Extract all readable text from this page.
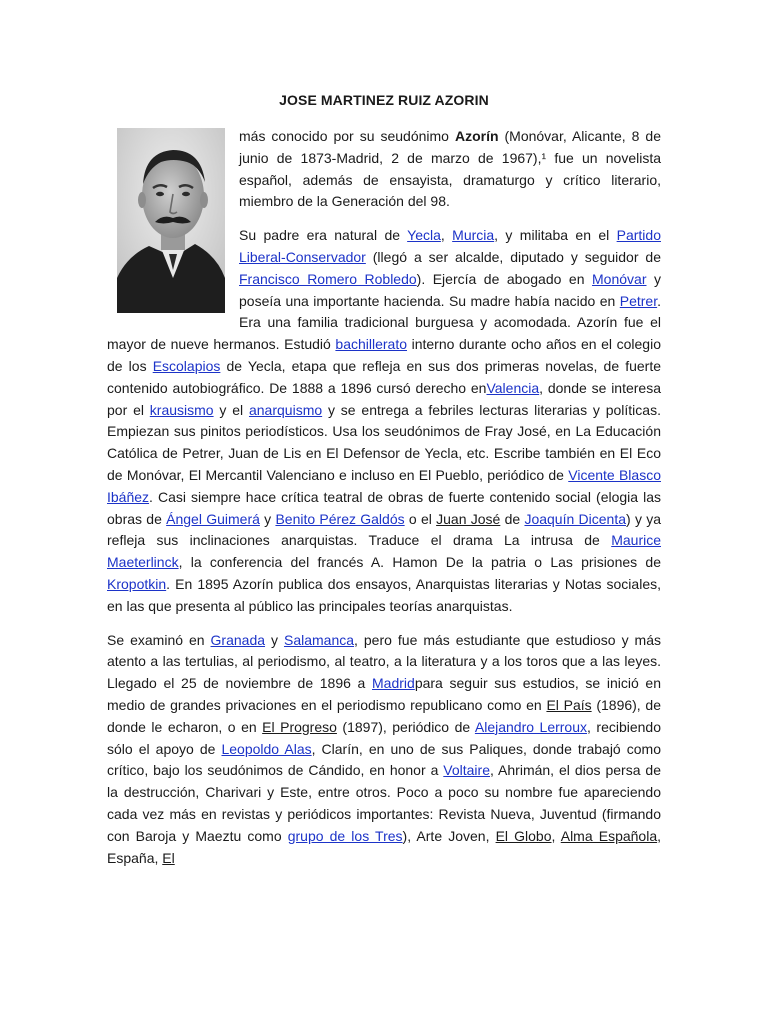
JOSE MARTINEZ RUIZ AZORIN

más conocido por su seudónimo Azorín (Monóvar, Alicante, 8 de junio de 1873-Madrid, 2 de marzo de 1967),¹ fue un novelista español, además de ensayista, dramaturgo y crítico literario, miembro de la Generación del 98.

Su padre era natural de Yecla, Murcia, y militaba en el Partido Liberal-Conservador (llegó a ser alcalde, diputado y seguidor de Francisco Romero Robledo). Ejercía de abogado en Monóvar y poseía una importante hacienda. Su madre había nacido en Petrer. Era una familia tradicional burguesa y acomodada. Azorín fue el mayor de nueve hermanos. Estudió bachillerato interno durante ocho años en el colegio de los Escolapios de Yecla, etapa que refleja en sus dos primeras novelas, de fuerte contenido autobiográfico. De 1888 a 1896 cursó derecho enValencia, donde se interesa por el krausismo y el anarquismo y se entrega a febriles lecturas literarias y políticas. Empiezan sus pinitos periodísticos. Usa los seudónimos de Fray José, en La Educación Católica de Petrer, Juan de Lis en El Defensor de Yecla, etc. Escribe también en El Eco de Monóvar, El Mercantil Valenciano e incluso en El Pueblo, periódico de Vicente Blasco Ibáñez. Casi siempre hace crítica teatral de obras de fuerte contenido social (elogia las obras de Ángel Guimerá y Benito Pérez Galdós o el Juan José de Joaquín Dicenta) y ya refleja sus inclinaciones anarquistas. Traduce el drama La intrusa de Maurice Maeterlinck, la conferencia del francés A. Hamon De la patria o Las prisiones de Kropotkin. En 1895 Azorín publica dos ensayos, Anarquistas literarias y Notas sociales, en las que presenta al público las principales teorías anarquistas.

Se examinó en Granada y Salamanca, pero fue más estudiante que estudioso y más atento a las tertulias, al periodismo, al teatro, a la literatura y a los toros que a las leyes. Llegado el 25 de noviembre de 1896 a Madridpara seguir sus estudios, se inició en medio de grandes privaciones en el periodismo republicano como en El País (1896), de donde le echaron, o en El Progreso (1897), periódico de Alejandro Lerroux, recibiendo sólo el apoyo de Leopoldo Alas, Clarín, en uno de sus Paliques, donde trabajó como crítico, bajo los seudónimos de Cándido, en honor a Voltaire, Ahrimán, el dios persa de la destrucción, Charivari y Este, entre otros. Poco a poco su nombre fue apareciendo cada vez más en revistas y periódicos importantes: Revista Nueva, Juventud (firmando con Baroja y Maeztu como grupo de los Tres), Arte Joven, El Globo, Alma Española, España, El
